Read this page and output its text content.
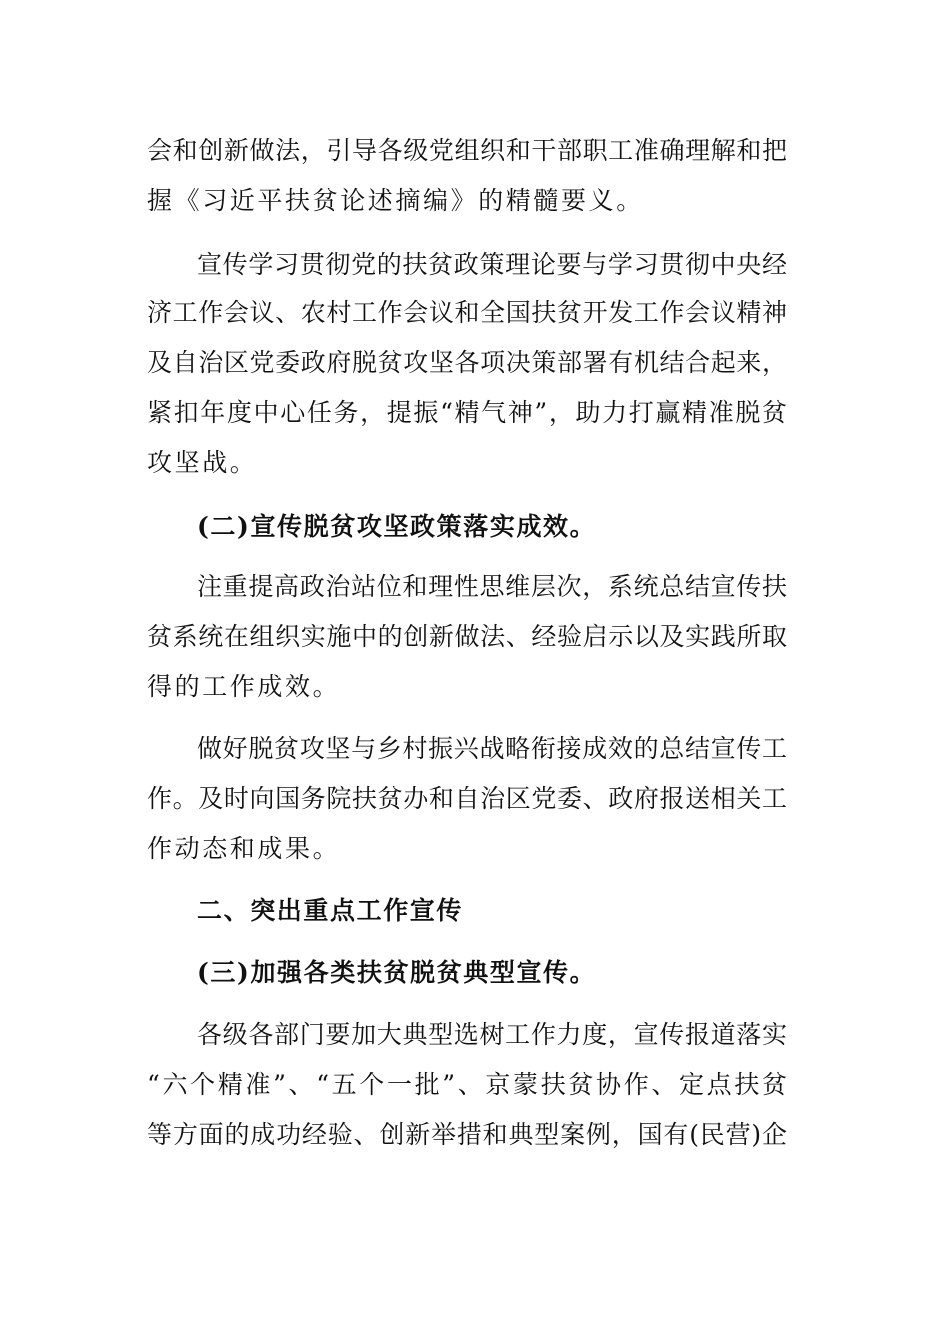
会和创新做法，引导各级党组织和干部职工准确理解和把
握《习近平扶贫论述摘编》的精髓要义。
宣传学习贯彻党的扶贫政策理论要与学习贯彻中央经
济工作会议、农村工作会议和全国扶贫开发工作会议精神
及自治区党委政府脱贫攻坚各项决策部署有机结合起来，
紧扣年度中心任务，提振“精气神”，助力打赢精准脱贫
攻坚战。
(二)宣传脱贫攻坚政策落实成效。
注重提高政治站位和理性思维层次，系统总结宣传扶
贫系统在组织实施中的创新做法、经验启示以及实践所取
得的工作成效。
做好脱贫攻坚与乡村振兴战略衔接成效的总结宣传工
作。及时向国务院扶贫办和自治区党委、政府报送相关工
作动态和成果。
二、突出重点工作宣传
(三)加强各类扶贫脱贫典型宣传。
各级各部门要加大典型选树工作力度，宣传报道落实
“六个精准”、“五个一批”、京蒙扶贫协作、定点扶贫
等方面的成功经验、创新举措和典型案例，国有(民营)企
